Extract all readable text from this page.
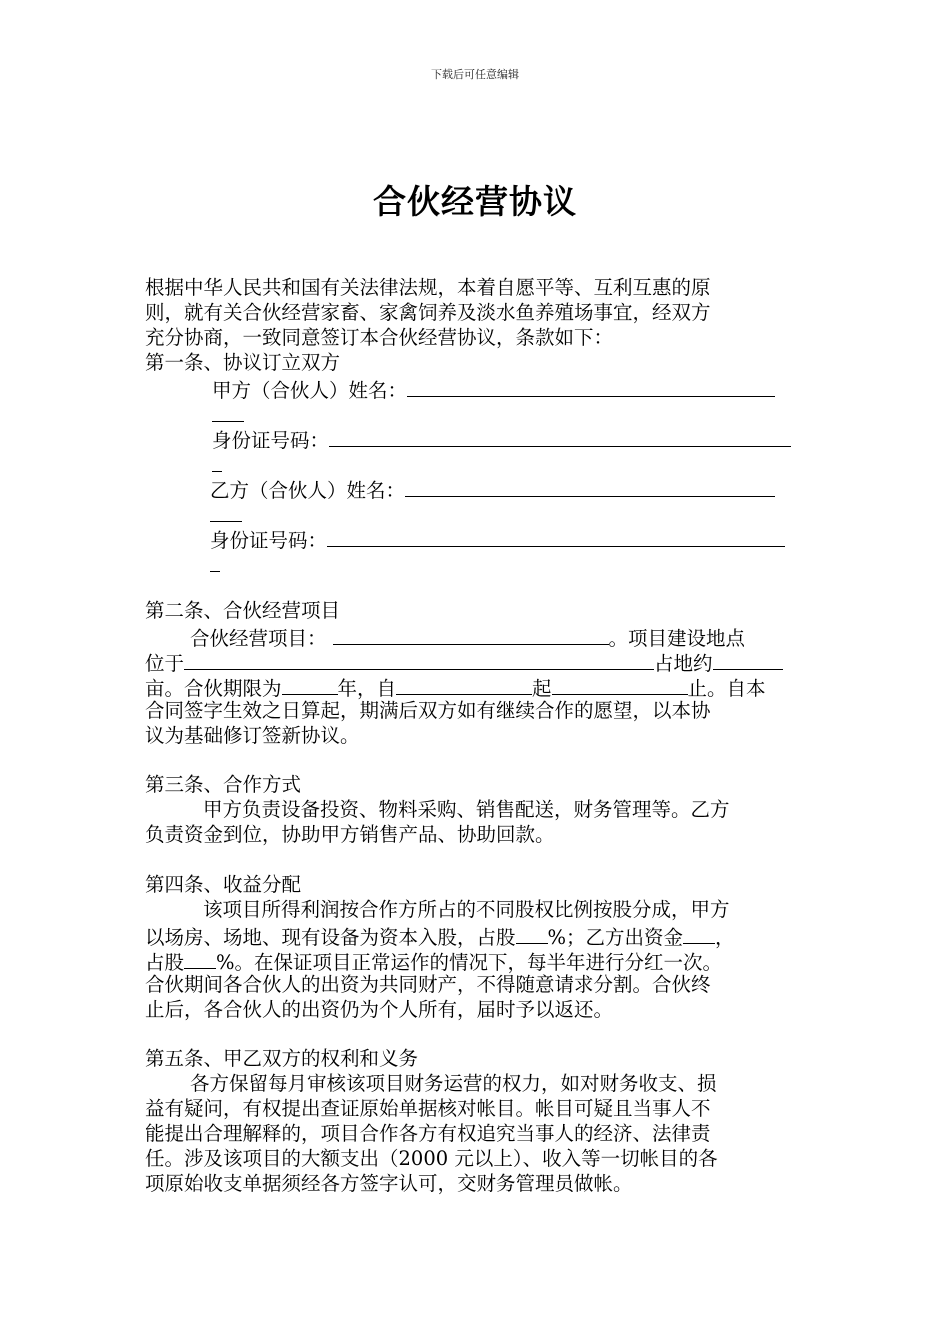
下载后可任意编辑
合伙经营协议
根据中华人民共和国有关法律法规，本着自愿平等、互利互惠的原
则，就有关合伙经营家畜、家禽饲养及淡水鱼养殖场事宜，经双方
充分协商，一致同意签订本合伙经营协议，条款如下：
第一条、协议订立双方
甲方（合伙人）姓名：
身份证号码：
乙方（合伙人）姓名：
身份证号码：
第二条、合伙经营项目
合伙经营项目：	。项目建设地点
位于	占地约
亩。合伙期限为	年，自	起	止。自本
合同签字生效之日算起，期满后双方如有继续合作的愿望，以本协
议为基础修订签新协议。
第三条、合作方式
甲方负责设备投资、物料采购、销售配送，财务管理等。乙方
负责资金到位，协助甲方销售产品、协助回款。
第四条、收益分配
该项目所得利润按合作方所占的不同股权比例按股分成，甲方
以场房、场地、现有设备为资本入股，占股 %；乙方出资金 ，
占股 %。在保证项目正常运作的情况下，每半年进行分红一次。
合伙期间各合伙人的出资为共同财产，不得随意请求分割。合伙终
止后，各合伙人的出资仍为个人所有，届时予以返还。
第五条、甲乙双方的权利和义务
各方保留每月审核该项目财务运营的权力，如对财务收支、损
益有疑问，有权提出查证原始单据核对帐目。帐目可疑且当事人不
能提出合理解释的，项目合作各方有权追究当事人的经济、法律责
任。涉及该项目的大额支出（2000 元以上）、收入等一切帐目的各
项原始收支单据须经各方签字认可，交财务管理员做帐。
